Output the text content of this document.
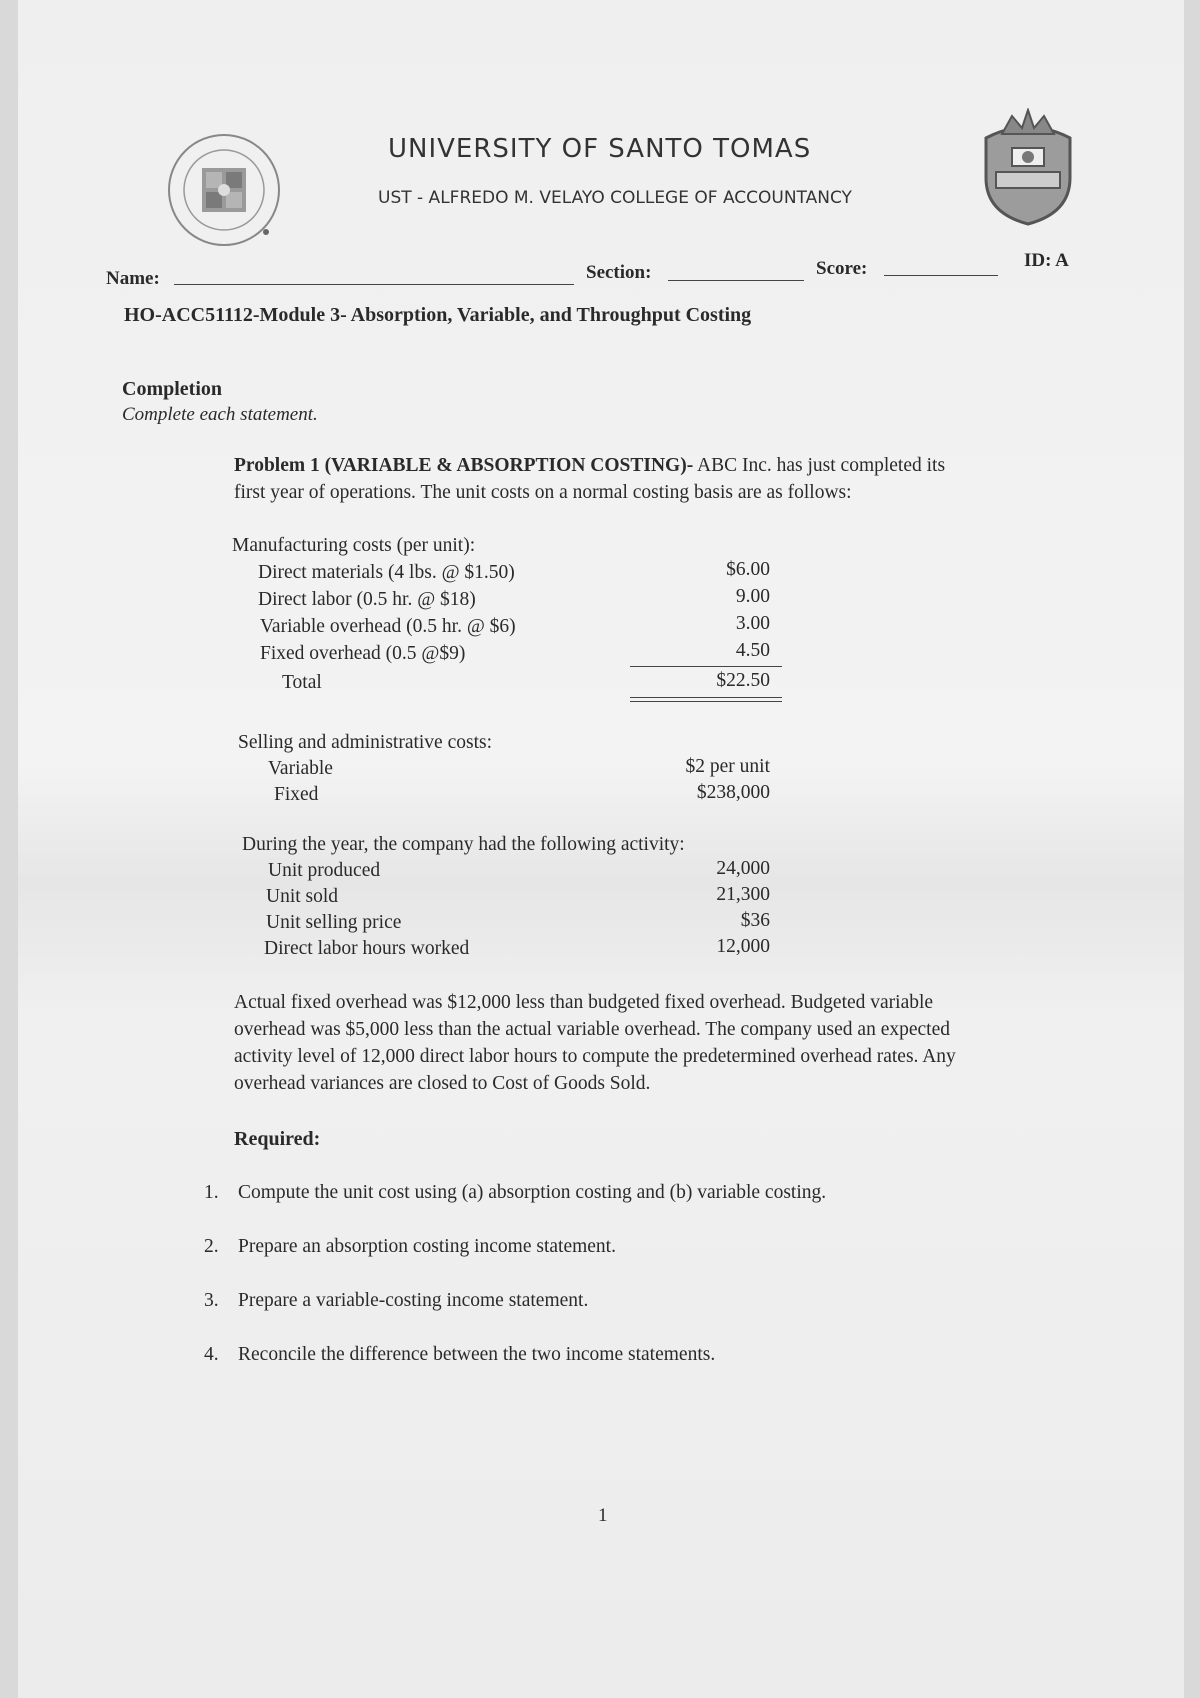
UNIVERSITY OF SANTO TOMAS
UST - ALFREDO M. VELAYO COLLEGE OF ACCOUNTANCY
Name:	Section:	Score:	ID: A
HO-ACC51112-Module 3- Absorption, Variable, and Throughput Costing
Completion
Complete each statement.
Problem 1 (VARIABLE & ABSORPTION COSTING)- ABC Inc. has just completed its
first year of operations. The unit costs on a normal costing basis are as follows:
Manufacturing costs (per unit):
Direct materials (4 lbs. @ $1.50)	$6.00
Direct labor (0.5 hr. @ $18)	9.00
Variable overhead (0.5 hr. @ $6)	3.00
Fixed overhead (0.5 @$9)	4.50
Total	$22.50
Selling and administrative costs:
Variable	$2 per unit
Fixed	$238,000
During the year, the company had the following activity:
Unit produced	24,000
Unit sold	21,300
Unit selling price	$36
Direct labor hours worked	12,000
Actual fixed overhead was $12,000 less than budgeted fixed overhead. Budgeted variable
overhead was $5,000 less than the actual variable overhead. The company used an expected
activity level of 12,000 direct labor hours to compute the predetermined overhead rates. Any
overhead variances are closed to Cost of Goods Sold.
Required:
1. Compute the unit cost using (a) absorption costing and (b) variable costing.
2. Prepare an absorption costing income statement.
3. Prepare a variable-costing income statement.
4. Reconcile the difference between the two income statements.
1
